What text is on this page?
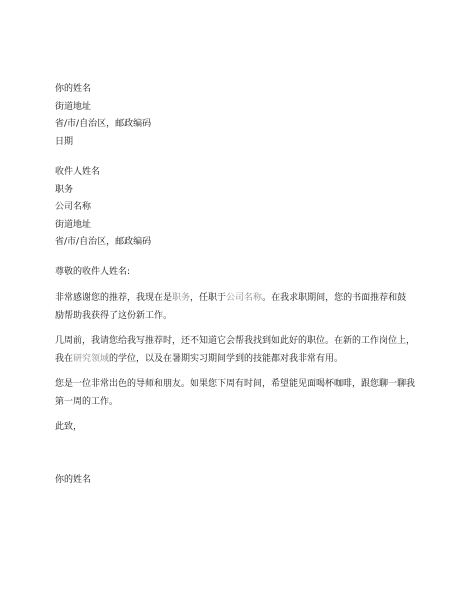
你的姓名
街道地址
省/市/自治区，邮政编码
日期
收件人姓名
职务
公司名称
街道地址
省/市/自治区，邮政编码
尊敬的收件人姓名:
非常感谢您的推荐，我现在是职务，任职于公司名称。在我求职期间，您的书面推荐和鼓励帮助我获得了这份新工作。
几周前，我请您给我写推荐时，还不知道它会帮我找到如此好的职位。在新的工作岗位上，我在研究领域的学位，以及在暑期实习期间学到的技能都对我非常有用。
您是一位非常出色的导师和朋友。如果您下周有时间，希望能见面喝杯咖啡，跟您聊一聊我第一周的工作。
此致，
你的姓名
